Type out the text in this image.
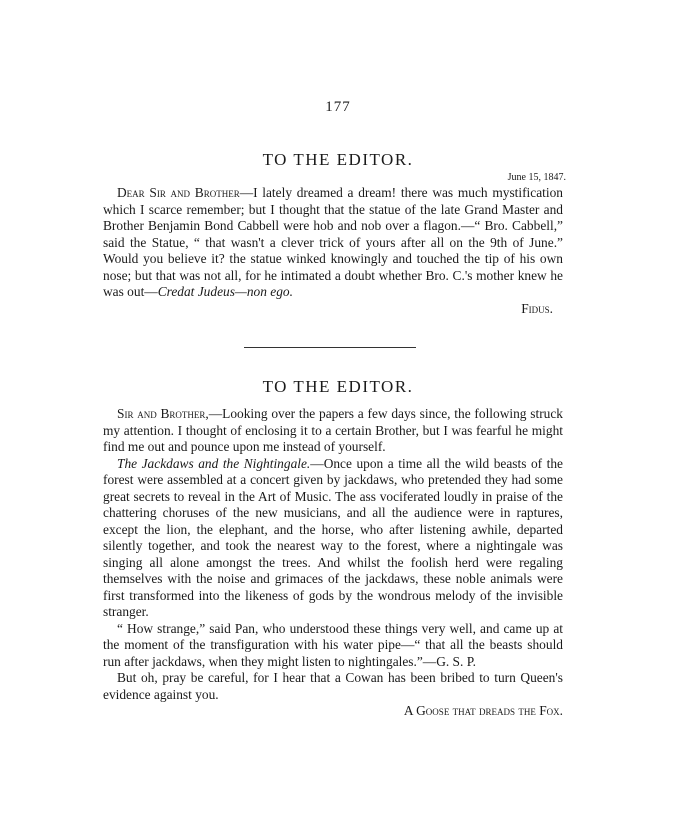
177
TO THE EDITOR.
June 15, 1847.

Dear Sir and Brother—I lately dreamed a dream! there was much mystification which I scarce remember; but I thought that the statue of the late Grand Master and Brother Benjamin Bond Cabbell were hob and nob over a flagon.—“ Bro. Cabbell,” said the Statue, “ that wasn't a clever trick of yours after all on the 9th of June.” Would you believe it? the statue winked knowingly and touched the tip of his own nose; but that was not all, for he intimated a doubt whether Bro. C.'s mother knew he was out—Credat Judeus—non ego.

Fidus.

TO THE EDITOR.

Sir and Brother,—Looking over the papers a few days since, the following struck my attention. I thought of enclosing it to a certain Brother, but I was fearful he might find me out and pounce upon me instead of yourself.

The Jackdaws and the Nightingale.—Once upon a time all the wild beasts of the forest were assembled at a concert given by jackdaws, who pretended they had some great secrets to reveal in the Art of Music. The ass vociferated loudly in praise of the chattering choruses of the new musicians, and all the audience were in raptures, except the lion, the elephant, and the horse, who after listening awhile, departed silently together, and took the nearest way to the forest, where a nightingale was singing all alone amongst the trees. And whilst the foolish herd were regaling themselves with the noise and grimaces of the jackdaws, these noble animals were first transformed into the likeness of gods by the wondrous melody of the invisible stranger.

“ How strange,” said Pan, who understood these things very well, and came up at the moment of the transfiguration with his water pipe—“ that all the beasts should run after jackdaws, when they might listen to nightingales.”—G. S. P.

But oh, pray be careful, for I hear that a Cowan has been bribed to turn Queen's evidence against you.

A Goose that dreads the Fox.
